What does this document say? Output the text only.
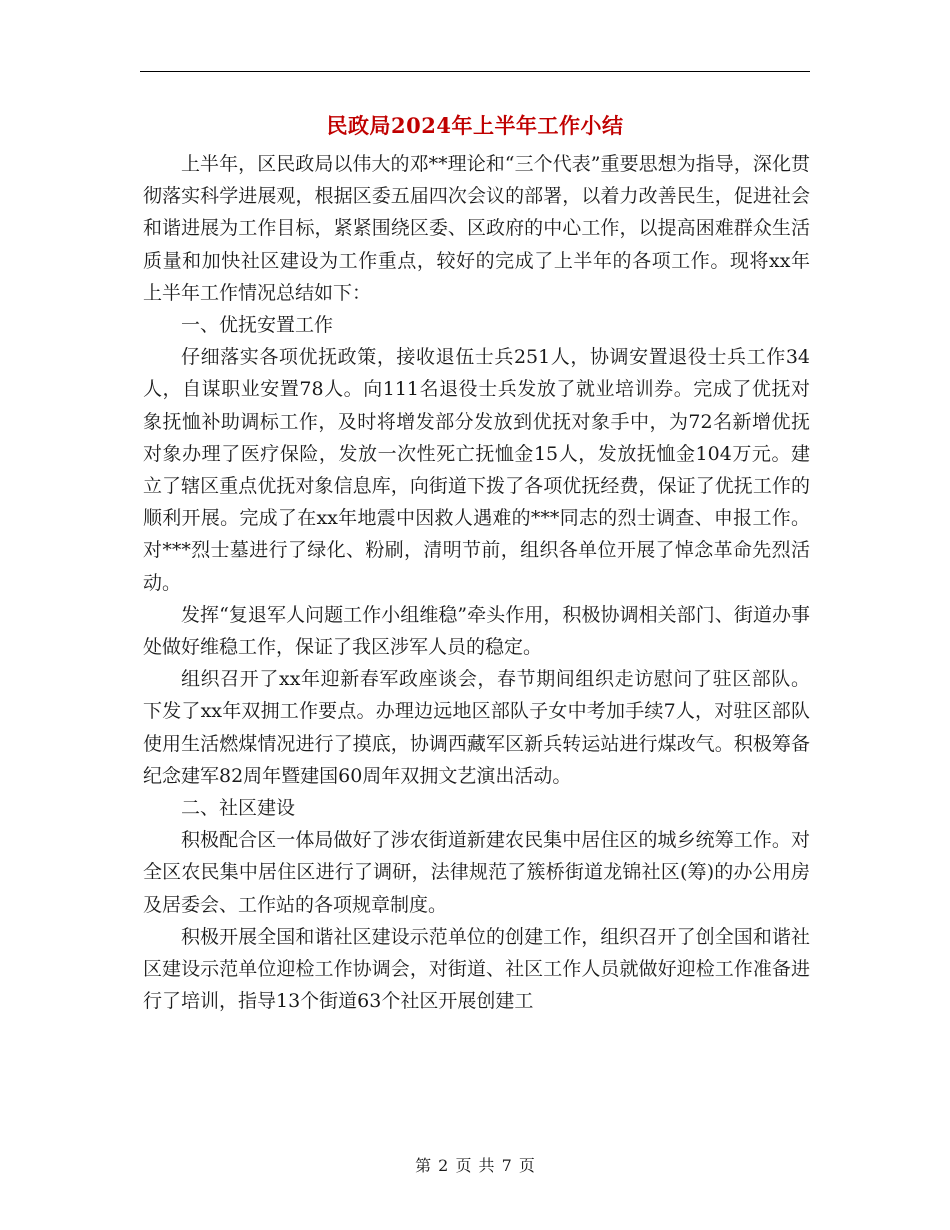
民政局2024年上半年工作小结

上半年，区民政局以伟大的邓**理论和“三个代表”重要思想为指导，深化贯彻落实科学进展观，根据区委五届四次会议的部署，以着力改善民生，促进社会和谐进展为工作目标，紧紧围绕区委、区政府的中心工作，以提高困难群众生活质量和加快社区建设为工作重点，较好的完成了上半年的各项工作。现将xx年上半年工作情况总结如下：

一、优抚安置工作

仔细落实各项优抚政策，接收退伍士兵251人，协调安置退役士兵工作34人，自谋职业安置78人。向111名退役士兵发放了就业培训券。完成了优抚对象抚恤补助调标工作，及时将增发部分发放到优抚对象手中，为72名新增优抚对象办理了医疗保险，发放一次性死亡抚恤金15人，发放抚恤金104万元。建立了辖区重点优抚对象信息库，向街道下拨了各项优抚经费，保证了优抚工作的顺利开展。完成了在xx年地震中因救人遇难的***同志的烈士调查、申报工作。对***烈士墓进行了绿化、粉刷，清明节前，组织各单位开展了悼念革命先烈活动。

发挥“复退军人问题工作小组维稳”牵头作用，积极协调相关部门、街道办事处做好维稳工作，保证了我区涉军人员的稳定。

组织召开了xx年迎新春军政座谈会，春节期间组织走访慰问了驻区部队。下发了xx年双拥工作要点。办理边远地区部队子女中考加手续7人，对驻区部队使用生活燃煤情况进行了摸底，协调西藏军区新兵转运站进行煤改气。积极筹备纪念建军82周年暨建国60周年双拥文艺演出活动。

二、社区建设

积极配合区一体局做好了涉农街道新建农民集中居住区的城乡统筹工作。对全区农民集中居住区进行了调研，法律规范了簇桥街道龙锦社区(筹)的办公用房及居委会、工作站的各项规章制度。

积极开展全国和谐社区建设示范单位的创建工作，组织召开了创全国和谐社区建设示范单位迎检工作协调会，对街道、社区工作人员就做好迎检工作准备进行了培训，指导13个街道63个社区开展创建工

第 2 页 共 7 页
